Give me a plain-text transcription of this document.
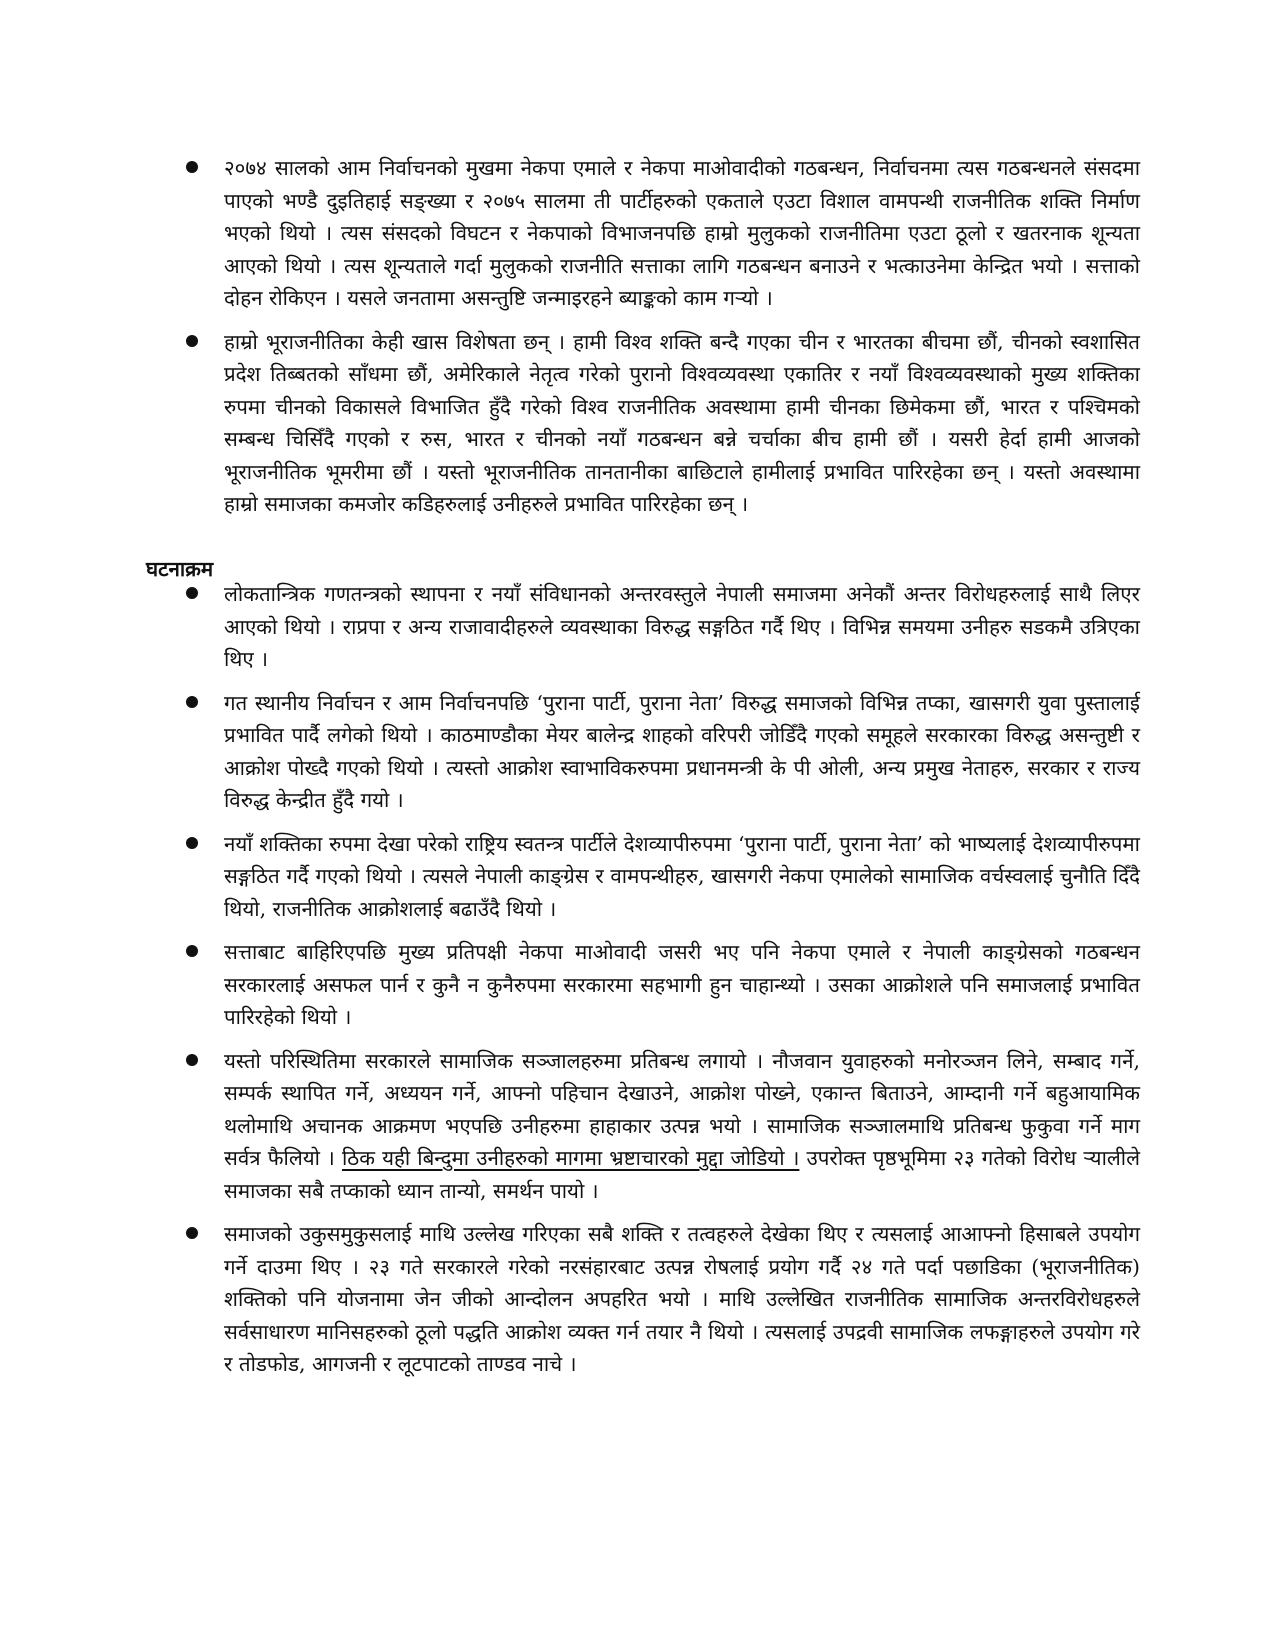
२०७४ सालको आम निर्वाचनको मुखमा नेकपा एमाले र नेकपा माओवादीको गठबन्धन, निर्वाचनमा त्यस गठबन्धनले संसदमा पाएको भण्डै दुइतिहाई सङ्ख्या र २०७५ सालमा ती पार्टीहरुको एकताले एउटा विशाल वामपन्थी राजनीतिक शक्ति निर्माण भएको थियो । त्यस संसदको विघटन र नेकपाको विभाजनपछि हाम्रो मुलुकको राजनीतिमा एउटा ठूलो र खतरनाक शून्यता आएको थियो । त्यस शून्यताले गर्दा मुलुकको राजनीति सत्ताका लागि गठबन्धन बनाउने र भत्काउनेमा केन्द्रित भयो । सत्ताको दोहन रोकिएन । यसले जनतामा असन्तुष्टि जन्माइरहने ब्याङ्कको काम गर्‍यो ।
हाम्रो भूराजनीतिका केही खास विशेषता छन् । हामी विश्व शक्ति बन्दै गएका चीन र भारतका बीचमा छौं, चीनको स्वशासित प्रदेश तिब्बतको साँधमा छौं, अमेरिकाले नेतृत्व गरेको पुरानो विश्वव्यवस्था एकातिर र नयाँ विश्वव्यवस्थाको मुख्य शक्तिका रुपमा चीनको विकासले विभाजित हुँदै गरेको विश्व राजनीतिक अवस्थामा हामी चीनका छिमेकमा छौं, भारत र पश्चिमको सम्बन्ध चिसिँदै गएको र रुस, भारत र चीनको नयाँ गठबन्धन बन्ने चर्चाका बीच हामी छौं । यसरी हेर्दा हामी आजको भूराजनीतिक भूमरीमा छौं । यस्तो भूराजनीतिक तानतानीका बाछिटाले हामीलाई प्रभावित पारिरहेका छन् । यस्तो अवस्थामा हाम्रो समाजका कमजोर कडिहरुलाई उनीहरुले प्रभावित पारिरहेका छन् ।
घटनाक्रम
लोकतान्त्रिक गणतन्त्रको स्थापना र नयाँ संविधानको अन्तरवस्तुले नेपाली समाजमा अनेकौं अन्तर विरोधहरुलाई साथै लिएर आएको थियो । राप्रपा र अन्य राजावादीहरुले व्यवस्थाका विरुद्ध सङ्गठित गर्दै थिए । विभिन्न समयमा उनीहरु सडकमै उत्रिएका थिए ।
गत स्थानीय निर्वाचन र आम निर्वाचनपछि ‘पुराना पार्टी, पुराना नेता’ विरुद्ध समाजको विभिन्न तप्का, खासगरी युवा पुस्तालाई प्रभावित पार्दै लगेको थियो । काठमाण्डौका मेयर बालेन्द्र शाहको वरिपरी जोडिँदै गएको समूहले सरकारका विरुद्ध असन्तुष्टी र आक्रोश पोख्दै गएको थियो । त्यस्तो आक्रोश स्वाभाविकरुपमा प्रधानमन्त्री के पी ओली, अन्य प्रमुख नेताहरु, सरकार र राज्य विरुद्ध केन्द्रीत हुँदै गयो ।
नयाँ शक्तिका रुपमा देखा परेको राष्ट्रिय स्वतन्त्र पार्टीले देशव्यापीरुपमा ‘पुराना पार्टी, पुराना नेता’ को भाष्यलाई देशव्यापीरुपमा सङ्गठित गर्दै गएको थियो । त्यसले नेपाली काङ्ग्रेस र वामपन्थीहरु, खासगरी नेकपा एमालेको सामाजिक वर्चस्वलाई चुनौति दिँदै थियो, राजनीतिक आक्रोशलाई बढाउँदै थियो ।
सत्ताबाट बाहिरिएपछि मुख्य प्रतिपक्षी नेकपा माओवादी जसरी भए पनि नेकपा एमाले र नेपाली काङ्ग्रेसको गठबन्धन सरकारलाई असफल पार्न र कुनै न कुनैरुपमा सरकारमा सहभागी हुन चाहान्थ्यो । उसका आक्रोशले पनि समाजलाई प्रभावित पारिरहेको थियो ।
यस्तो परिस्थितिमा सरकारले सामाजिक सञ्जालहरुमा प्रतिबन्ध लगायो । नौजवान युवाहरुको मनोरञ्जन लिने, सम्बाद गर्ने, सम्पर्क स्थापित गर्ने, अध्ययन गर्ने, आफ्नो पहिचान देखाउने, आक्रोश पोख्ने, एकान्त बिताउने, आम्दानी गर्ने बहुआयामिक थलोमाथि अचानक आक्रमण भएपछि उनीहरुमा हाहाकार उत्पन्न भयो । सामाजिक सञ्जालमाथि प्रतिबन्ध फुकुवा गर्ने माग सर्वत्र फैलियो । ठिक यही बिन्दुमा उनीहरुको मागमा भ्रष्टाचारको मुद्दा जोडियो । उपरोक्त पृष्ठभूमिमा २३ गतेको विरोध र्‍यालीले समाजका सबै तप्काको ध्यान तान्यो, समर्थन पायो ।
समाजको उकुसमुकुसलाई माथि उल्लेख गरिएका सबै शक्ति र तत्वहरुले देखेका थिए र त्यसलाई आआफ्नो हिसाबले उपयोग गर्ने दाउमा थिए । २३ गते सरकारले गरेको नरसंहारबाट उत्पन्न रोषलाई प्रयोग गर्दै २४ गते पर्दा पछाडिका (भूराजनीतिक) शक्तिको पनि योजनामा जेन जीको आन्दोलन अपहरित भयो । माथि उल्लेखित राजनीतिक सामाजिक अन्तरविरोधहरुले सर्वसाधारण मानिसहरुको ठूलो पद्धति आक्रोश व्यक्त गर्न तयार नै थियो । त्यसलाई उपद्रवी सामाजिक लफङ्गाहरुले उपयोग गरे र तोडफोड, आगजनी र लूटपाटको ताण्डव नाचे ।
